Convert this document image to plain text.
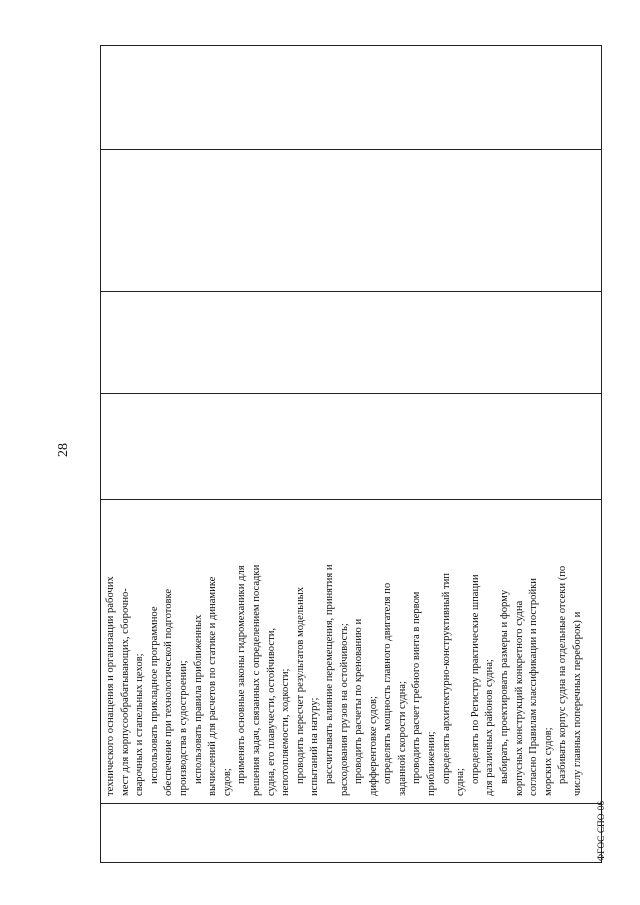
28

технического оснащения и организации рабочих мест для корпусообрабатывающих, сборочно- сварочных и стапельных цехов; использовать прикладное программное обеспечение при технологической подготовке производства в судостроении; использовать правила приближенных вычислений для расчетов по статике и динамике судов; применять основные законы гидромеханики для решения задач, связанных с определением посадки судна, его плавучести, остойчивости, непотопляемости, ходкости; проводить пересчет результатов модельных испытаний на натуру; рассчитывать влияние перемещения, принятия и расходования грузов на остойчивость; проводить расчеты по кренованию и дифферентовке судов; определять мощность главного двигателя по заданной скорости судна; проводить расчет гребного винта в первом приближении; определять архитектурно-конструктивный тип судна; определять по Регистру практические шпации для различных районов судна; выбирать, проектировать размеры и форму корпусных конструкций конкретного судна согласно Правилам классификации и постройки морских судов; разбивать корпус судна на отдельные отсеки (по числу главных поперечных переборок) и

ФГОС СПО-06
